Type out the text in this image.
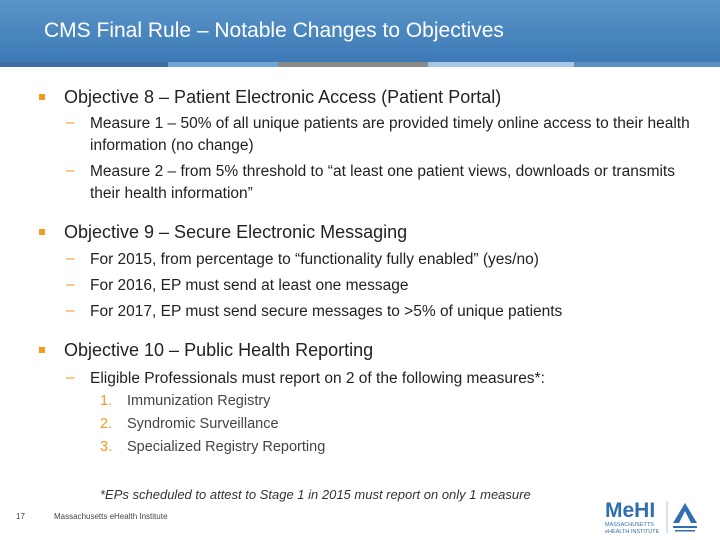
CMS Final Rule – Notable Changes to Objectives
Objective 8 – Patient Electronic Access (Patient Portal)
– Measure 1 – 50% of all unique patients are provided timely online access to their health information (no change)
– Measure 2 – from 5% threshold to “at least one patient views, downloads or transmits their health information”
Objective 9 – Secure Electronic Messaging
– For 2015, from percentage to “functionality fully enabled” (yes/no)
– For 2016, EP must send at least one message
– For 2017, EP must send secure messages to >5% of unique patients
Objective 10 – Public Health Reporting
– Eligible Professionals must report on 2 of the following measures*:
1. Immunization Registry
2. Syndromic Surveillance
3. Specialized Registry Reporting
*EPs scheduled to attest to Stage 1 in 2015 must report on only 1 measure
17	Massachusetts eHealth Institute	MeHI
MASSACHUSETTS
eHEALTH INSTITUTE
